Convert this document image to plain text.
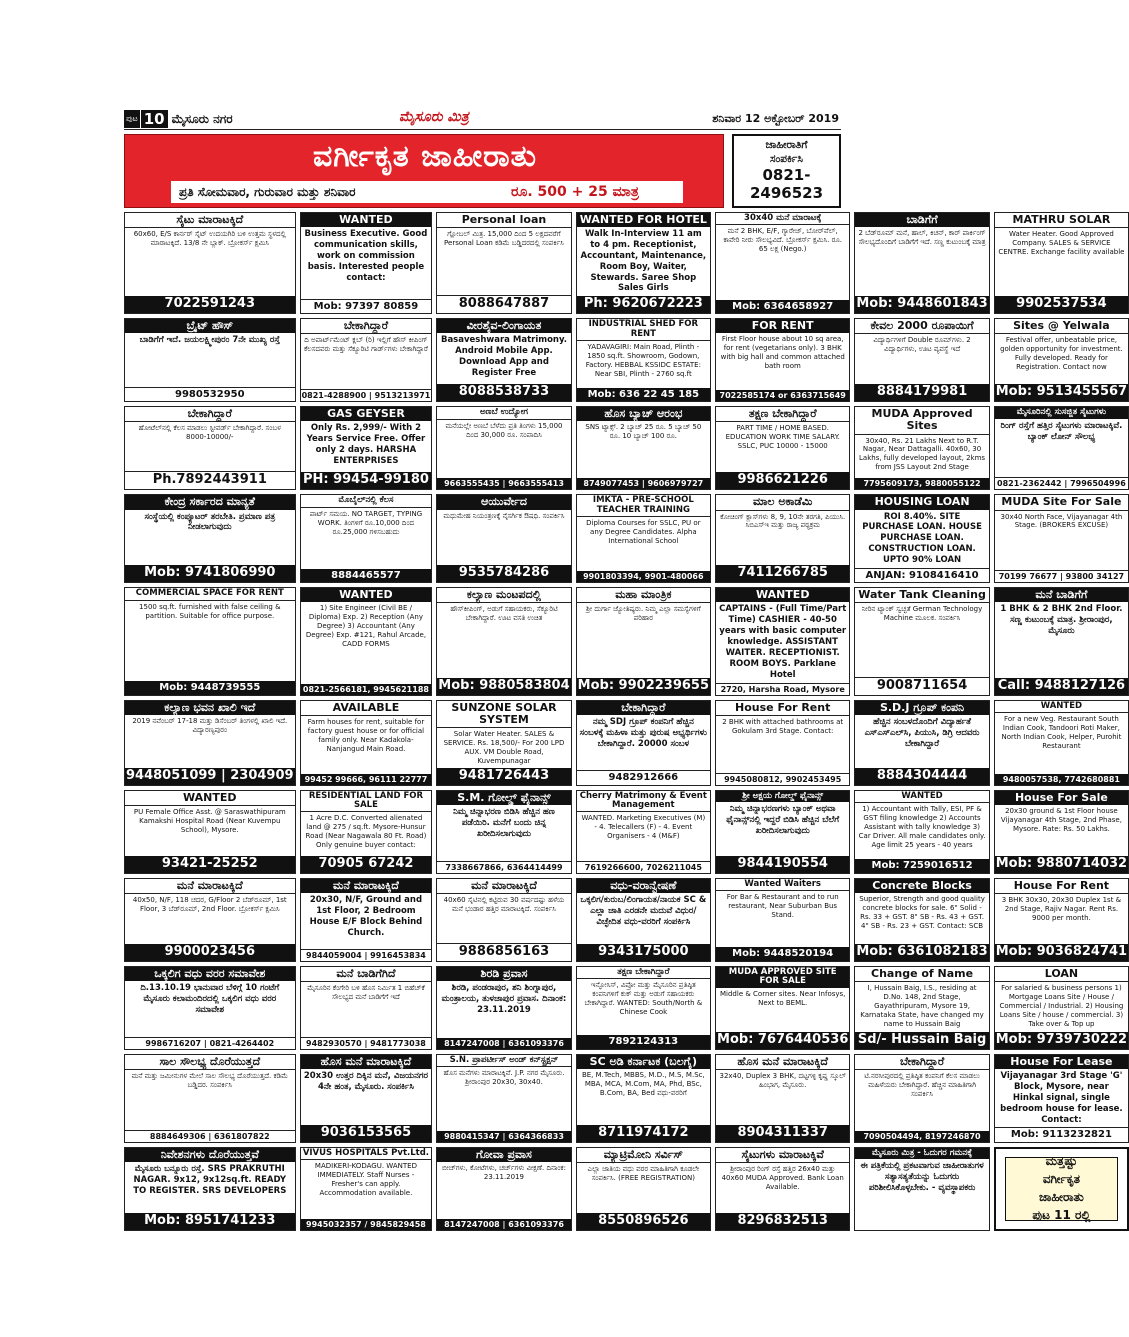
ಪುಟ 10 ಮೈಸೂರು ನಗರ	ಮೈಸೂರು ಮಿತ್ರ	ಶನಿವಾರ 12 ಅಕ್ಟೋಬರ್ 2019
ವರ್ಗೀಕೃತ ಜಾಹೀರಾತು
ಪ್ರತಿ ಸೋಮವಾರ, ಗುರುವಾರ ಮತ್ತು ಶನಿವಾರ	ರೂ. 500 + 25 ಮಾತ್ರ
ಜಾಹೀರಾತಿಗೆ
ಸಂಪರ್ಕಿಸಿ
0821-2496523
ಸೈಟು ಮಾರಾಟಕ್ಕಿದೆ
60x60, E/S ಕಾರ್ನರ್ ಸೈಟ್ ಉದಯಗಿರಿ ಬಳಿ ಉತ್ತಮ ಸ್ಥಳದಲ್ಲಿ ಮಾರಾಟಕ್ಕಿದೆ. 13/8 ನೇ ಬ್ಲಾಕ್. ಬ್ರೋಕರ್ಸ್ ಕ್ಷಮಿಸಿ
7022591243
WANTED
Business Executive. Good communication skills, work on commission basis. Interested people contact:
Mob: 97397 80859
Personal loan
ಗ್ಲೋಬಲ್ ಮಿತ್ರ. 15,000 ದಿಂದ 5 ಲಕ್ಷದವರೆಗೆ Personal Loan ಕಡಿಮೆ ಬಡ್ಡಿದರದಲ್ಲಿ ಸಂಪರ್ಕಿಸಿ
8088647887
WANTED FOR HOTEL
Walk In-Interview 11 am to 4 pm. Receptionist, Accountant, Maintenance, Room Boy, Waiter, Stewards. Saree Shop Sales Girls
Ph: 9620672223
30x40 ಮನೆ ಮಾರಾಟಕ್ಕೆ
ಮನೆ 2 BHK, E/F, ಗ್ಯಾರೇಜ್, ಬೋರ್‌ವೆಲ್, ಕಾವೇರಿ ನೀರು ಸೌಲಭ್ಯವಿದೆ. ಬ್ರೋಕರ್ಸ್ ಕ್ಷಮಿಸಿ. ರೂ. 65 ಲಕ್ಷ (Nego.)
Mob: 6364658927
ಬಾಡಿಗೆಗೆ
2 ಬೆಡ್‌ರೂಮ್ ಮನೆ, ಹಾಲ್, ಕಿಚನ್, ಕಾರ್ ಪಾರ್ಕಿಂಗ್ ಸೌಲಭ್ಯದೊಂದಿಗೆ ಬಾಡಿಗೆಗೆ ಇದೆ. ಸಣ್ಣ ಕುಟುಂಬಕ್ಕೆ ಮಾತ್ರ
Mob: 9448601843
MATHRU SOLAR
Water Heater. Good Approved Company. SALES & SERVICE CENTRE. Exchange facility available
9902537534
ಬ್ರೈಟ್ ಹೌಸ್
ಬಾಡಿಗೆಗೆ ಇದೆ. ಜಯಲಕ್ಷ್ಮೀಪುರಂ 7ನೇ ಮುಖ್ಯ ರಸ್ತೆ
9980532950
ಬೇಕಾಗಿದ್ದಾರೆ
ದಿ ಅಪಾರ್ಟ್‌ಮೆಂಟ್ ಕ್ಲಬ್ (ರಿ) ಇಲ್ಲಿಗೆ ಹೌಸ್ ಕೀಪಿಂಗ್ ಕೆಲಸದವರು ಮತ್ತು ಸೆಕ್ಯೂರಿಟಿ ಗಾರ್ಡ್‌ಗಳು ಬೇಕಾಗಿದ್ದಾರೆ
0821-4288900 | 9513213971
ವೀರಶೈವ-ಲಿಂಗಾಯತ
Basaveshwara Matrimony. Android Mobile App. Download App and Register Free
8088538733
INDUSTRIAL SHED FOR RENT
YADAVAGIRI: Main Road, Plinth - 1850 sq.ft. Showroom, Godown, Factory. HEBBAL KSSIDC ESTATE: Near SBI, Plinth - 2760 sq.ft
Mob: 636 22 45 185
FOR RENT
First Floor house about 10 sq area, for rent (vegetarians only). 3 BHK with big hall and common attached bath room
7022585174 or 6363715649
ಕೇವಲ 2000 ರೂಪಾಯಿಗೆ
ವಿದ್ಯಾರ್ಥಿಗಳಿಗೆ Double ರೂಮ್‌ಗಳು. 2 ವಿದ್ಯಾರ್ಥಿಗಳು, ಊಟ ವ್ಯವಸ್ಥೆ ಇದೆ
8884179981
Sites @ Yelwala
Festival offer, unbeatable price, golden opportunity for investment. Fully developed. Ready for Registration. Contact now
Mob: 9513455567
ಬೇಕಾಗಿದ್ದಾರೆ
ಹೋಟೆಲ್‌ನಲ್ಲಿ ಕೆಲಸ ಮಾಡಲು ಸ್ಟೀವರ್ಡ್ ಬೇಕಾಗಿದ್ದಾರೆ. ಸಂಬಳ 8000-10000/-
Ph.7892443911
GAS GEYSER
Only Rs. 2,999/- With 2 Years Service Free. Offer only 2 days. HARSHA ENTERPRISES
PH: 99454-99180
ಅಣಬೆ ಉದ್ಯೋಗ
ಮನೆಯಲ್ಲೇ ಅಣಬೆ ಬೆಳೆದು ಪ್ರತಿ ತಿಂಗಳು 15,000 ದಿಂದ 30,000 ರೂ. ಸಂಪಾದಿಸಿ
9663555435 | 9663555413
ಹೊಸ ಬ್ಯಾಚ್ ಆರಂಭ
SNS ಟ್ಯಾಕ್ಸ್. 2 ಬ್ಯಾಚ್ 25 ರೂ. 5 ಬ್ಯಾಚ್ 50 ರೂ. 10 ಬ್ಯಾಚ್ 100 ರೂ.
8749077453 | 9606979727
ತಕ್ಷಣ ಬೇಕಾಗಿದ್ದಾರೆ
PART TIME / HOME BASED. EDUCATION WORK TIME SALARY. SSLC, PUC 10000 - 15000
9986621226
MUDA Approved Sites
30x40, Rs. 21 Lakhs Next to R.T. Nagar, Near Dattagalli. 40x60, 30 Lakhs, fully developed layout, 2kms from JSS Layout 2nd Stage
7795609173, 9880055122
ಮೈಸೂರಿನಲ್ಲಿ ಸುಸಜ್ಜಿತ ಸೈಟುಗಳು
ರಿಂಗ್ ರಸ್ತೆಗೆ ಹತ್ತಿರ ಸೈಟುಗಳು ಮಾರಾಟಕ್ಕಿವೆ. ಬ್ಯಾಂಕ್ ಲೋನ್ ಸೌಲಭ್ಯ
0821-2362442 | 7996504996
ಕೇಂದ್ರ ಸರ್ಕಾರದ ಮಾನ್ಯತೆ
ಸಂಸ್ಥೆಯಲ್ಲಿ ಕಂಪ್ಯೂಟರ್ ತರಬೇತಿ. ಪ್ರಮಾಣ ಪತ್ರ ನೀಡಲಾಗುವುದು
Mob: 9741806990
ಮೊಬೈಲ್‌ನಲ್ಲಿ ಕೆಲಸ
ಪಾರ್ಟ್ ಸಮಯ. NO TARGET, TYPING WORK. ತಿಂಗಳಿಗೆ ರೂ.10,000 ದಿಂದ ರೂ.25,000 ಗಳಿಸಬಹುದು
8884465577
ಆಯುರ್ವೇದ
ಮಧುಮೇಹ ನಿಯಂತ್ರಣಕ್ಕೆ ನೈಸರ್ಗಿಕ ಔಷಧಿ. ಸಂಪರ್ಕಿಸಿ
9535784286
IMKTA - PRE-SCHOOL TEACHER TRAINING
Diploma Courses for SSLC, PU or any Degree Candidates. Alpha International School
9901803394, 9901-480066
ಮಾಲ ಅಕಾಡೆಮಿ
ಕೋಚಿಂಗ್ ಕ್ಲಾಸ್‌ಗಳು 8, 9, 10ನೇ ತರಗತಿ, ಪಿಯುಸಿ. ಸಿಬಿಎಸ್‌ಇ ಮತ್ತು ರಾಜ್ಯ ಪಠ್ಯಕ್ರಮ
7411266785
HOUSING LOAN
ROI 8.40%. SITE PURCHASE LOAN. HOUSE PURCHASE LOAN. CONSTRUCTION LOAN. UPTO 90% LOAN
ANJAN: 9108416410
MUDA Site For Sale
30x40 North Face, Vijayanagar 4th Stage. (BROKERS EXCUSE)
70199 76677 | 93800 34127
COMMERCIAL SPACE FOR RENT
1500 sq.ft. furnished with false ceiling & partition. Suitable for office purpose.
Mob: 9448739555
WANTED
1) Site Engineer (Civil BE / Diploma) Exp. 2) Reception (Any Degree) 3) Accountant (Any Degree) Exp. #121, Rahul Arcade, CADD FORMS
0821-2566181, 9945621188
ಕಲ್ಯಾಣ ಮಂಟಪದಲ್ಲಿ
ಹೌಸ್‌ಕೀಪಿಂಗ್, ಅಡುಗೆ ಸಹಾಯಕರು, ಸೆಕ್ಯೂರಿಟಿ ಬೇಕಾಗಿದ್ದಾರೆ. ಊಟ ವಸತಿ ಉಚಿತ
Mob: 9880583804
ಮಹಾ ಮಾಂತ್ರಿಕ
ಶ್ರೀ ದುರ್ಗಾ ಜ್ಯೋತಿಷ್ಯರು. ನಿಮ್ಮ ಎಲ್ಲಾ ಸಮಸ್ಯೆಗಳಿಗೆ ಪರಿಹಾರ
Mob: 9902239655
WANTED
CAPTAINS - (Full Time/Part Time) CASHIER - 40-50 years with basic computer knowledge. ASSISTANT WAITER. RECEPTIONIST. ROOM BOYS. Parklane Hotel
2720, Harsha Road, Mysore
Water Tank Cleaning
ನೀರಿನ ಟ್ಯಾಂಕ್ ಸ್ವಚ್ಛತೆ German Technology Machine ಮೂಲಕ. ಸಂಪರ್ಕಿಸಿ
9008711654
ಮನೆ ಬಾಡಿಗೆಗೆ
1 BHK & 2 BHK 2nd Floor. ಸಣ್ಣ ಕುಟುಂಬಕ್ಕೆ ಮಾತ್ರ. ಶ್ರೀರಾಂಪುರ, ಮೈಸೂರು
Call: 9488127126
ಕಲ್ಯಾಣ ಭವನ ಖಾಲಿ ಇದೆ
2019 ನವೆಂಬರ್ 17-18 ಮತ್ತು ಡಿಸೆಂಬರ್ ತಿಂಗಳಲ್ಲಿ ಖಾಲಿ ಇದೆ. ವಿದ್ಯಾರಣ್ಯಪುರಂ
9448051099 | 2304909
AVAILABLE
Farm houses for rent, suitable for factory guest house or for official family only. Near Kadakola-Nanjangud Main Road.
99452 99666, 96111 22777
SUNZONE SOLAR SYSTEM
Solar Water Heater. SALES & SERVICE. Rs. 18,500/- For 200 LPD AUX. VM Double Road, Kuvempunagar
9481726443
ಬೇಕಾಗಿದ್ದಾರೆ
ನಮ್ಮ SDJ ಗ್ರೂಪ್ ಕಂಪನಿಗೆ ಹೆಚ್ಚಿನ ಸಂಬಳಕ್ಕೆ ಮಹಿಳಾ ಮತ್ತು ಪುರುಷ ಅಭ್ಯರ್ಥಿಗಳು ಬೇಕಾಗಿದ್ದಾರೆ. 20000 ಸಂಬಳ
9482912666
House For Rent
2 BHK with attached bathrooms at Gokulam 3rd Stage. Contact:
9945080812, 9902453495
S.D.J ಗ್ರೂಪ್ ಕಂಪನಿ
ಹೆಚ್ಚಿನ ಸಂಬಳದೊಂದಿಗೆ ವಿದ್ಯಾರ್ಹತೆ ಎಸ್ಎಸ್ಎಲ್‌ಸಿ, ಪಿಯುಸಿ, ಡಿಗ್ರಿ ಆದವರು ಬೇಕಾಗಿದ್ದಾರೆ
8884304444
WANTED
For a new Veg. Restaurant South Indian Cook, Tandoori Roti Maker, North Indian Cook, Helper, Purohit Restaurant
9480057538, 7742680881
WANTED
PU Female Office Asst. @ Saraswathipuram Kamakshi Hospital Road (Near Kuvempu School), Mysore.
93421-25252
RESIDENTIAL LAND FOR SALE
1 Acre D.C. Converted alienated land @ 275 / sq.ft. Mysore-Hunsur Road (Near Nagawala 80 Ft. Road) Only genuine buyer contact:
70905 67242
S.M. ಗೋಲ್ಡ್ ಫೈನಾನ್ಸ್
ನಿಮ್ಮ ಚಿನ್ನಾಭರಣ ಬಿಡಿಸಿ ಹೆಚ್ಚಿನ ಹಣ ಪಡೆಯಿರಿ. ಮನೆಗೆ ಬಂದು ಚಿನ್ನ ಖರೀದಿಸಲಾಗುವುದು
7338667866, 6364414499
Cherry Matrimony & Event Management
WANTED. Marketing Executives (M) - 4. Telecallers (F) - 4. Event Organisers - 4 (M&F)
7619266600, 7026211045
ಶ್ರೀ ಅಕ್ಷಯ ಗೋಲ್ಡ್ ಫೈನಾನ್ಸ್
ನಿಮ್ಮ ಚಿನ್ನಾಭರಣಗಳು ಬ್ಯಾಂಕ್ ಅಥವಾ ಫೈನಾನ್ಸ್‌ನಲ್ಲಿ ಇದ್ದರೆ ಬಿಡಿಸಿ ಹೆಚ್ಚಿನ ಬೆಲೆಗೆ ಖರೀದಿಸಲಾಗುವುದು
9844190554
WANTED
1) Accountant with Tally, ESI, PF & GST filing knowledge 2) Accounts Assistant with tally knowledge 3) Car Driver. All male candidates only. Age limit 25 years - 40 years
Mob: 7259016512
House For Sale
20x30 ground & 1st Floor house Vijayanagar 4th Stage, 2nd Phase, Mysore. Rate: Rs. 50 Lakhs.
Mob: 9880714032
ಮನೆ ಮಾರಾಟಕ್ಕಿದೆ
40x50, N/F, 118 ಚದರ, G/Floor 2 ಬೆಡ್‌ರೂಮ್, 1st Floor, 3 ಬೆಡ್‌ರೂಮ್, 2nd Floor. ಬ್ರೋಕರ್ಸ್ ಕ್ಷಮಿಸಿ
9900023456
ಮನೆ ಮಾರಾಟಕ್ಕಿದೆ
20x30, N/F, Ground and 1st Floor, 2 Bedroom House E/F Block Behind Church.
9844059004 | 9916453834
ಮನೆ ಮಾರಾಟಕ್ಕಿದೆ
40x60 ಸೈಟಿನಲ್ಲಿ ಕಟ್ಟಿರುವ 30 ವರ್ಷದಷ್ಟು ಹಳೆಯ ಮನೆ ಭಂಡಾರ ಹತ್ತಿರ ಮಾರಾಟಕ್ಕಿದೆ. ಸಂಪರ್ಕಿಸಿ
9886856163
ವಧು-ವರಾನ್ವೇಷಣೆ
ಒಕ್ಕಲಿಗ/ಕುರುಬ/ಲಿಂಗಾಯತ/ನಾಯಕ SC & ಎಲ್ಲಾ ಜಾತಿ ಎರಡನೇ ಮದುವೆ ವಿಧುರ/ವಿಚ್ಛೇದಿತ ವಧು-ವರರಿಗೆ ಸಂಪರ್ಕಿಸಿ
9343175000
Wanted Waiters
For Bar & Restaurant and to run restaurant, Near Suburban Bus Stand.
Mob: 9448520194
Concrete Blocks
Superior, Strength and good quality concrete blocks for sale. 6" Solid - Rs. 33 + GST. 8" SB - Rs. 43 + GST. 4" SB - Rs. 23 + GST. Contact: SCB
Mob: 6361082183
House For Rent
3 BHK 30x30, 20x30 Duplex 1st & 2nd Stage, Rajiv Nagar. Rent Rs. 9000 per month.
Mob: 9036824741
ಒಕ್ಕಲಿಗ ವಧು ವರರ ಸಮಾವೇಶ
ದಿ.13.10.19 ಭಾನುವಾರ ಬೆಳಿಗ್ಗೆ 10 ಗಂಟೆಗೆ ಮೈಸೂರು ಕಲಾಮಂದಿರದಲ್ಲಿ ಒಕ್ಕಲಿಗ ವಧು ವರರ ಸಮಾವೇಶ
9986716207 | 0821-4264402
ಮನೆ ಬಾಡಿಗೆಗಿದೆ
ಮೈಸೂರಿನ ಕೆಂಗೇರಿ ಬಳಿ ಹೊಸ ನಿರ್ಮಿತ 1 ಬಿಹೆಚ್‌ಕೆ ಸೌಲಭ್ಯದ ಮನೆ ಬಾಡಿಗೆಗೆ ಇದೆ
9482930570 | 9481773038
ಶಿರಡಿ ಪ್ರವಾಸ
ಶಿರಡಿ, ಪಂಡರಾಪುರ, ಶನಿ ಶಿಂಗ್ನಾಪುರ, ಮಂತ್ರಾಲಯ, ತುಳಜಾಪುರ ಪ್ರವಾಸ. ದಿನಾಂಕ: 23.11.2019
8147247008 | 6361093376
ತಕ್ಷಣ ಬೇಕಾಗಿದ್ದಾರೆ
ಇನ್ಫೋಸಿಸ್, ವಿಪ್ರೋ ಮತ್ತು ಮೈಸೂರಿನ ಪ್ರತಿಷ್ಠಿತ ಕಂಪನಿಗಳಿಗೆ ಕುಕ್ ಮತ್ತು ಅಡುಗೆ ಸಹಾಯಕರು ಬೇಕಾಗಿದ್ದಾರೆ. WANTED: South/North & Chinese Cook
7892124313
MUDA APPROVED SITE FOR SALE
Middle & Corner sites. Near Infosys, Next to BEML.
Mob: 7676440536
Change of Name
I, Hussain Baig, I.S., residing at D.No. 148, 2nd Stage, Gayathripuram, Mysore 19, Karnataka State, have changed my name to Hussain Baig
Sd/- Hussain Baig
LOAN
For salaried & business persons 1) Mortgage Loans Site / House / Commercial / Industrial. 2) Housing Loans Site / house / commercial. 3) Take over & Top up
Mob: 9739730222
ಸಾಲ ಸೌಲಭ್ಯ ದೊರೆಯುತ್ತದೆ
ಮನೆ ಮತ್ತು ಜಮೀನುಗಳ ಮೇಲೆ ಸಾಲ ಸೌಲಭ್ಯ ದೊರೆಯುತ್ತದೆ. ಕಡಿಮೆ ಬಡ್ಡಿದರ. ಸಂಪರ್ಕಿಸಿ
8884649306 | 6361807822
ಹೊಸ ಮನೆ ಮಾರಾಟಕ್ಕಿದೆ
20x30 ಉತ್ತರ ದಿಕ್ಕಿನ ಮನೆ, ವಿಜಯನಗರ 4ನೇ ಹಂತ, ಮೈಸೂರು. ಸಂಪರ್ಕಿಸಿ
9036153565
S.N. ಪ್ರಾಪರ್ಟೀಸ್ ಅಂಡ್ ಕನ್‌ಸ್ಟ್ರಕ್ಷನ್
ಹೊಸ ಮನೆಗಳು ಮಾರಾಟಕ್ಕಿವೆ. J.P. ನಗರ ಮೈಸೂರು. ಶ್ರೀರಾಂಪುರ 20x30, 30x40.
9880415347 | 6364366833
SC ಅಡಿ ಕರ್ನಾಟಕ (ಬಲಗೈ)
BE, M.Tech, MBBS, M.D., M.S, M.Sc, MBA, MCA, M.Com, MA, Phd, BSc, B.Com, BA, Bed ವಧು-ವರರಿಗೆ
8711974172
ಹೊಸ ಮನೆ ಮಾರಾಟಕ್ಕಿದೆ
32x40, Duplex 3 BHK, ದಟ್ಟಗಳ್ಳಿ ಕೃಷ್ಣ ಸ್ಕೂಲ್ ಹಿಂಭಾಗ, ಮೈಸೂರು.
8904311337
ಬೇಕಾಗಿದ್ದಾರೆ
ಟಿ.ನರಸೀಪುರದಲ್ಲಿ ಪ್ರತಿಷ್ಠಿತ ಕಂಪನಿಗೆ ಕೆಲಸ ಮಾಡಲು ಮಹಿಳೆಯರು ಬೇಕಾಗಿದ್ದಾರೆ. ಹೆಚ್ಚಿನ ಮಾಹಿತಿಗಾಗಿ ಸಂಪರ್ಕಿಸಿ
7090504494, 8197246870
House For Lease
Vijayanagar 3rd Stage 'G' Block, Mysore, near Hinkal signal, single bedroom house for lease. Contact:
Mob: 9113232821
ನಿವೇಶನಗಳು ದೊರೆಯುತ್ತವೆ
ಮೈಸೂರು ಬನ್ನೂರು ರಸ್ತೆ. SRS PRAKRUTHI NAGAR. 9x12, 9x12sq.ft. READY TO REGISTER. SRS DEVELOPERS
Mob: 8951741233
VIVUS HOSPITALS Pvt.Ltd.
MADIKERI-KODAGU. WANTED IMMEDIATELY. Staff Nurses - Fresher's can apply. Accommodation available.
9945032357 / 9845829458
ಗೋವಾ ಪ್ರವಾಸ
ಬೀಚ್‌ಗಳು, ಕೋಟೆಗಳು, ಚರ್ಚ್‌ಗಳು ವೀಕ್ಷಣೆ. ದಿನಾಂಕ: 23.11.2019
8147247008 | 6361093376
ಮ್ಯಾಟ್ರಿಮೋನಿ ಸರ್ವಿಸ್
ಎಲ್ಲಾ ಜಾತಿಯ ವಧು ವರರ ಮಾಹಿತಿಗಾಗಿ ಕೂಡಲೇ ಸಂಪರ್ಕಿಸಿ. (FREE REGISTRATION)
8550896526
ಸೈಟುಗಳು ಮಾರಾಟಕ್ಕಿವೆ
ಶ್ರೀರಾಂಪುರ ರಿಂಗ್ ರಸ್ತೆ ಹತ್ತಿರ 26x40 ಮತ್ತು 40x60 MUDA Approved. Bank Loan Available.
8296832513
ಮೈಸೂರು ಮಿತ್ರ - ಓದುಗರ ಗಮನಕ್ಕೆ
ಈ ಪತ್ರಿಕೆಯಲ್ಲಿ ಪ್ರಕಟವಾಗುವ ಜಾಹೀರಾತುಗಳ ಸತ್ಯಾಸತ್ಯತೆಯನ್ನು ಓದುಗರು ಪರಿಶೀಲಿಸಿಕೊಳ್ಳಬೇಕು. - ವ್ಯವಸ್ಥಾಪಕರು
ಮತ್ತಷ್ಟು
ವರ್ಗೀಕೃತ
ಜಾಹೀರಾತು
ಪುಟ 11 ರಲ್ಲಿ
